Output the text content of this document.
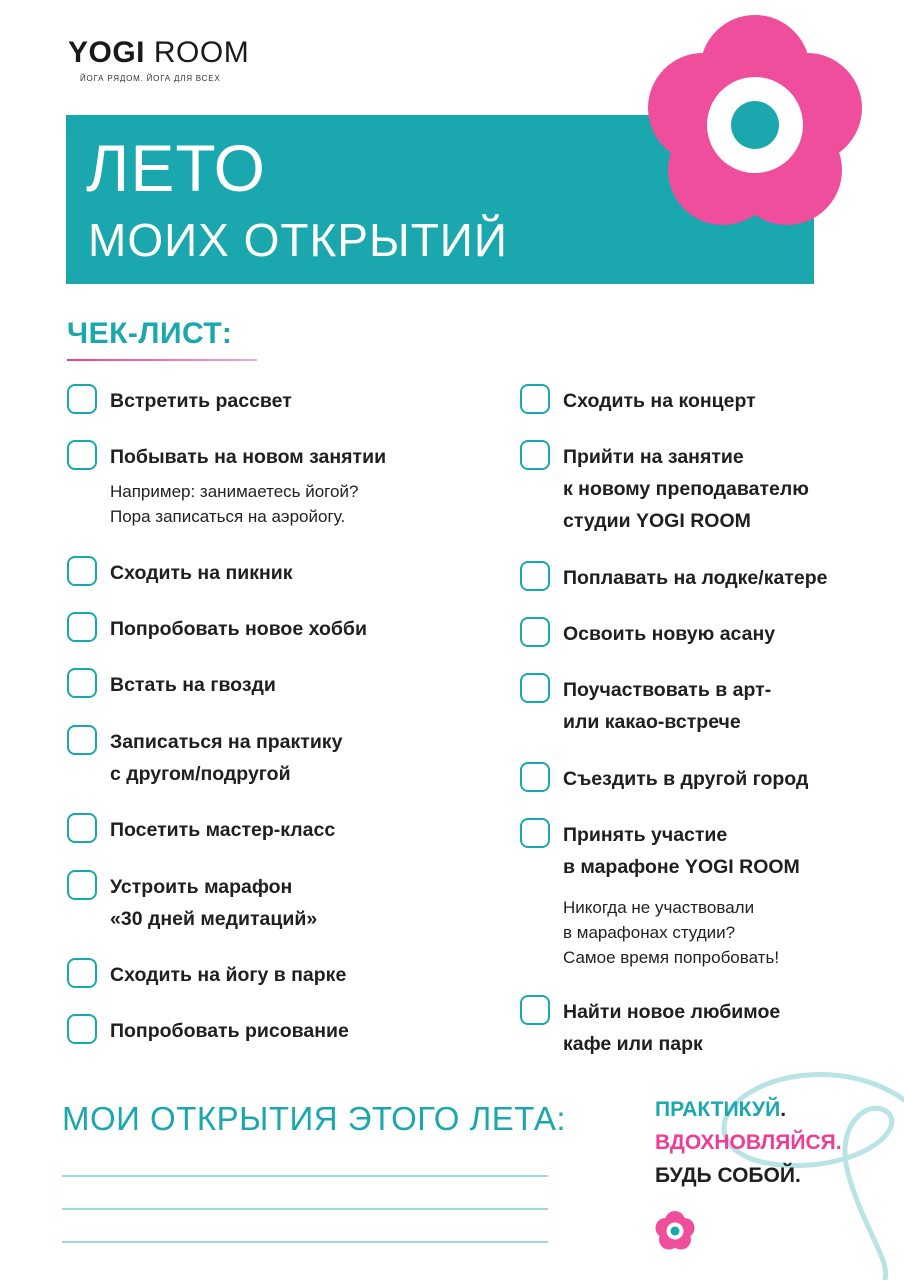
YOGI ROOM
ЙОГА РЯДОМ. ЙОГА ДЛЯ ВСЕХ
ЛЕТО
МОИХ ОТКРЫТИЙ
ЧЕК-ЛИСТ:
Встретить рассвет
Побывать на новом занятии
Например: занимаетесь йогой?
Пора записаться на аэройогу.
Сходить на пикник
Попробовать новое хобби
Встать на гвозди
Записаться на практику
с другом/подругой
Посетить мастер-класс
Устроить марафон
«30 дней медитаций»
Сходить на йогу в парке
Попробовать рисование
Сходить на концерт
Прийти на занятие
к новому преподавателю
студии YOGI ROOM
Поплавать на лодке/катере
Освоить новую асану
Поучаствовать в арт-
или какао-встрече
Съездить в другой город
Принять участие
в марафоне YOGI ROOM
Никогда не участвовали
в марафонах студии?
Самое время попробовать!
Найти новое любимое
кафе или парк
МОИ ОТКРЫТИЯ ЭТОГО ЛЕТА:	ПРАКТИКУЙ.
ВДОХНОВЛЯЙСЯ.
БУДЬ СОБОЙ.
